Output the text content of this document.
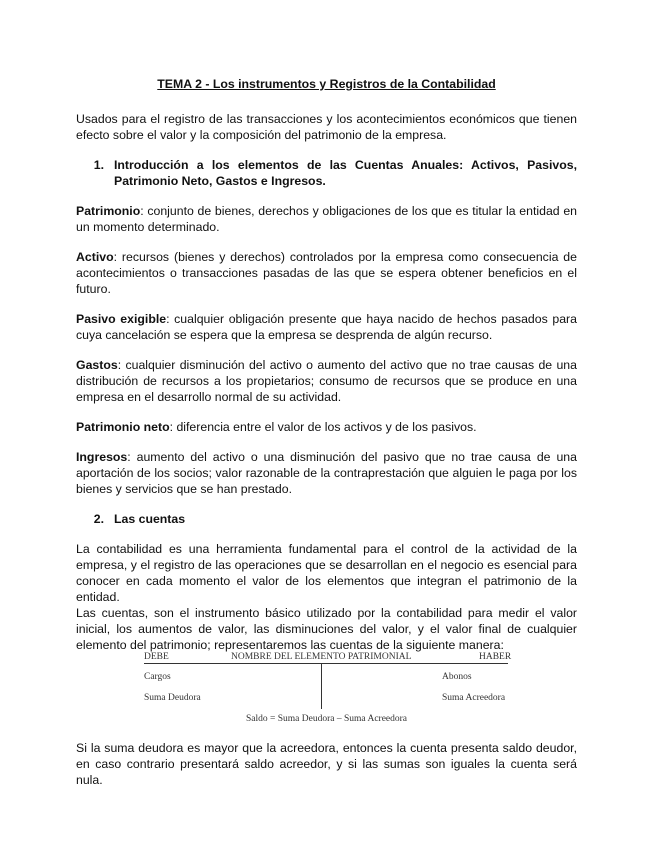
TEMA 2 - Los instrumentos y Registros de la Contabilidad

Usados para el registro de las transacciones y los acontecimientos económicos que tienen efecto sobre el valor y la composición del patrimonio de la empresa.

1. Introducción a los elementos de las Cuentas Anuales: Activos, Pasivos, Patrimonio Neto, Gastos e Ingresos.

Patrimonio: conjunto de bienes, derechos y obligaciones de los que es titular la entidad en un momento determinado.

Activo: recursos (bienes y derechos) controlados por la empresa como consecuencia de acontecimientos o transacciones pasadas de las que se espera obtener beneficios en el futuro.

Pasivo exigible: cualquier obligación presente que haya nacido de hechos pasados para cuya cancelación se espera que la empresa se desprenda de algún recurso.

Gastos: cualquier disminución del activo o aumento del activo que no trae causas de una distribución de recursos a los propietarios; consumo de recursos que se produce en una empresa en el desarrollo normal de su actividad.

Patrimonio neto: diferencia entre el valor de los activos y de los pasivos.

Ingresos: aumento del activo o una disminución del pasivo que no trae causa de una aportación de los socios; valor razonable de la contraprestación que alguien le paga por los bienes y servicios que se han prestado.

2. Las cuentas

La contabilidad es una herramienta fundamental para el control de la actividad de la empresa, y el registro de las operaciones que se desarrollan en el negocio es esencial para conocer en cada momento el valor de los elementos que integran el patrimonio de la entidad.

Las cuentas, son el instrumento básico utilizado por la contabilidad para medir el valor inicial, los aumentos de valor, las disminuciones del valor, y el valor final de cualquier elemento del patrimonio; representaremos las cuentas de la siguiente manera:

DEBE	NOMBRE DEL ELEMENTO PATRIMONIAL	HABER
Cargos	Abonos
Suma Deudora	Suma Acreedora
Saldo = Suma Deudora – Suma Acreedora

Si la suma deudora es mayor que la acreedora, entonces la cuenta presenta saldo deudor, en caso contrario presentará saldo acreedor, y si las sumas son iguales la cuenta será nula.
